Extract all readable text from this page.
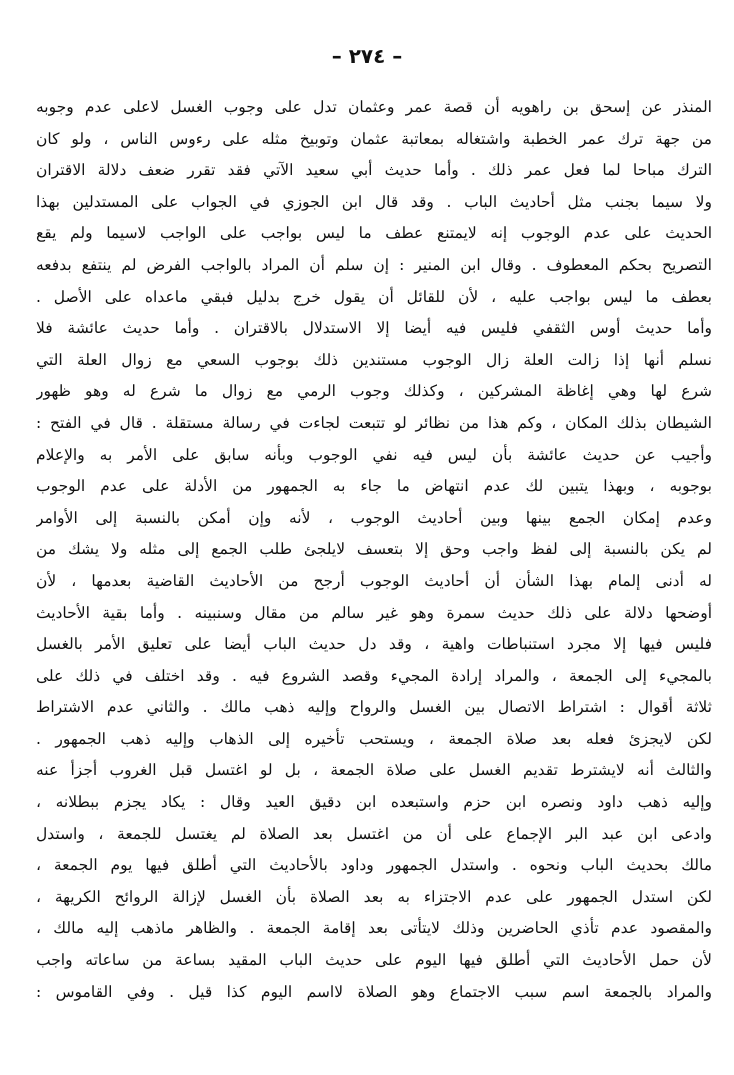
– ٢٧٤ –
المنذر عن إسحق بن راهويه أن قصة عمر وعثمان تدل على وجوب الغسل لاعلى عدم وجوبه
من جهة ترك عمر الخطبة واشتغاله بمعاتبة عثمان وتوبيخ مثله على رءوس الناس ، ولو كان
الترك مباحا لما فعل عمر ذلك . وأما حديث أبي سعيد الآتي فقد تقرر ضعف دلالة الاقتران
ولا سيما بجنب مثل أحاديث الباب . وقد قال ابن الجوزي في الجواب على المستدلين بهذا
الحديث على عدم الوجوب إنه لايمتنع عطف ما ليس بواجب على الواجب لاسيما ولم يقع
التصريح بحكم المعطوف . وقال ابن المنير : إن سلم أن المراد بالواجب الفرض لم ينتفع بدفعه
بعطف ما ليس بواجب عليه ، لأن للقائل أن يقول خرج بدليل فبقي ماعداه على الأصل .
وأما حديث أوس الثقفي فليس فيه أيضا إلا الاستدلال بالاقتران . وأما حديث عائشة فلا
نسلم أنها إذا زالت العلة زال الوجوب مستندين ذلك بوجوب السعي مع زوال العلة التي
شرع لها وهي إغاظة المشركين ، وكذلك وجوب الرمي مع زوال ما شرع له وهو ظهور
الشيطان بذلك المكان ، وكم هذا من نظائر لو تتبعت لجاءت في رسالة مستقلة . قال في الفتح :
وأجيب عن حديث عائشة بأن ليس فيه نفي الوجوب وبأنه سابق على الأمر به والإعلام
بوجوبه ، وبهذا يتبين لك عدم انتهاض ما جاء به الجمهور من الأدلة على عدم الوجوب
وعدم إمكان الجمع بينها وبين أحاديث الوجوب ، لأنه وإن أمكن بالنسبة إلى الأوامر
لم يكن بالنسبة إلى لفظ واجب وحق إلا بتعسف لايلجئ طلب الجمع إلى مثله ولا يشك من
له أدنى إلمام بهذا الشأن أن أحاديث الوجوب أرجح من الأحاديث القاضية بعدمها ، لأن
أوضحها دلالة على ذلك حديث سمرة وهو غير سالم من مقال وسنبينه . وأما بقية الأحاديث
فليس فيها إلا مجرد استنباطات واهية ، وقد دل حديث الباب أيضا على تعليق الأمر بالغسل
بالمجيء إلى الجمعة ، والمراد إرادة المجيء وقصد الشروع فيه . وقد اختلف في ذلك على
ثلاثة أقوال : اشتراط الاتصال بين الغسل والرواح وإليه ذهب مالك . والثاني عدم الاشتراط
لكن لايجزئ فعله بعد صلاة الجمعة ، ويستحب تأخيره إلى الذهاب وإليه ذهب الجمهور .
والثالث أنه لايشترط تقديم الغسل على صلاة الجمعة ، بل لو اغتسل قبل الغروب أجزأ عنه
وإليه ذهب داود ونصره ابن حزم واستبعده ابن دقيق العيد وقال : يكاد يجزم ببطلانه ،
وادعى ابن عبد البر الإجماع على أن من اغتسل بعد الصلاة لم يغتسل للجمعة ، واستدل
مالك بحديث الباب ونحوه . واستدل الجمهور وداود بالأحاديث التي أطلق فيها يوم الجمعة ،
لكن استدل الجمهور على عدم الاجتزاء به بعد الصلاة بأن الغسل لإزالة الروائح الكريهة ،
والمقصود عدم تأذي الحاضرين وذلك لايتأتى بعد إقامة الجمعة . والظاهر ماذهب إليه مالك ،
لأن حمل الأحاديث التي أطلق فيها اليوم على حديث الباب المقيد بساعة من ساعاته واجب
والمراد بالجمعة اسم سبب الاجتماع وهو الصلاة لااسم اليوم كذا قيل . وفي القاموس :
